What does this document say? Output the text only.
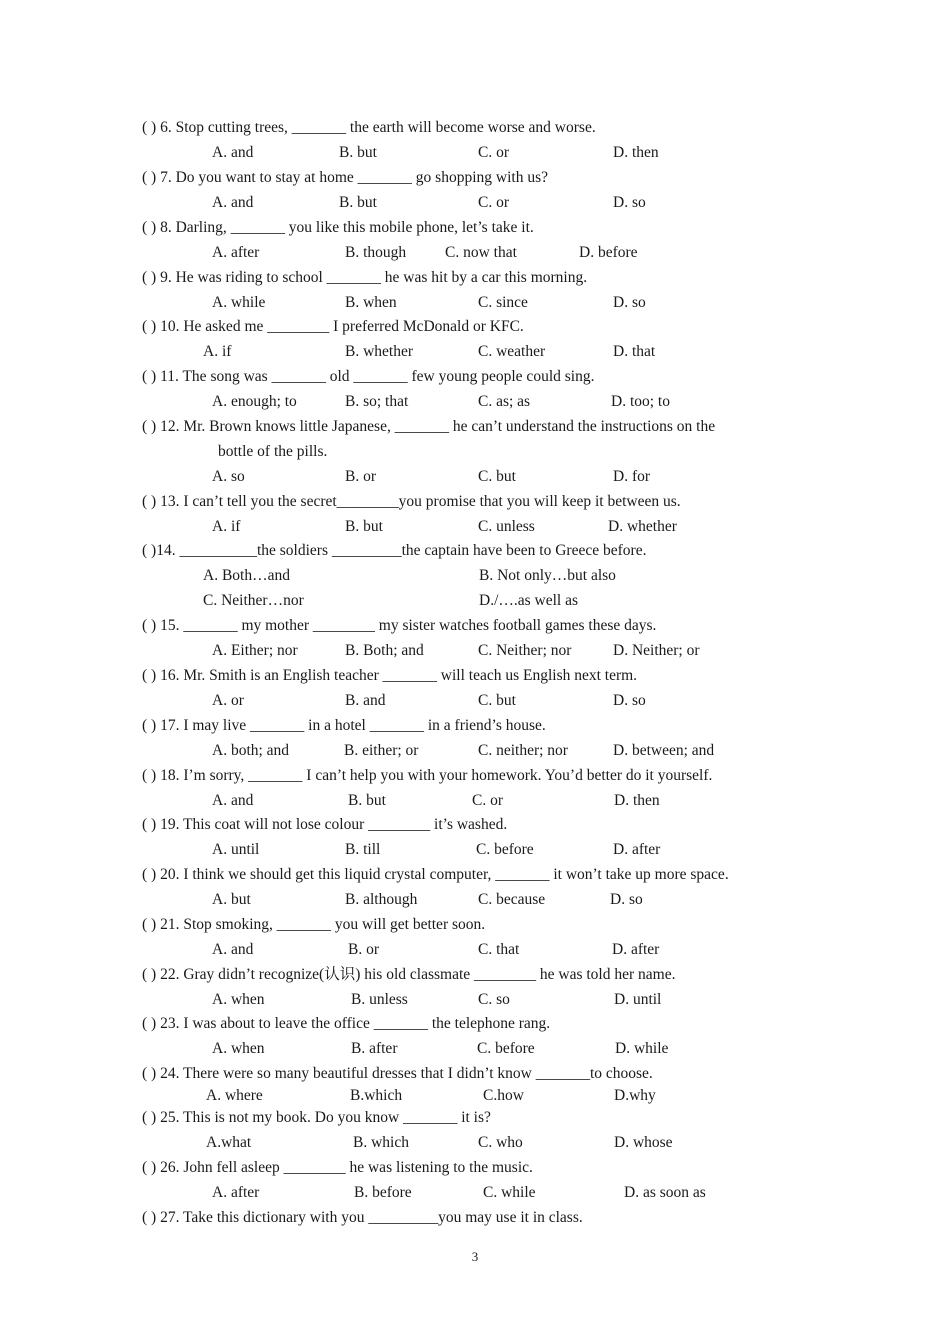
( ) 6. Stop cutting trees, _______ the earth will become worse and worse.
A. and	B. but	C. or	D. then
( ) 7. Do you want to stay at home _______ go shopping with us?
A. and	B. but	C. or	D. so
( ) 8. Darling, _______ you like this mobile phone, let’s take it.
A. after	B. though	C. now that	D. before
( ) 9. He was riding to school _______ he was hit by a car this morning.
A. while	B. when	C. since	D. so
( ) 10. He asked me ________ I preferred McDonald or KFC.
A. if	B. whether	C. weather	D. that
( ) 11. The song was _______ old _______ few young people could sing.
A. enough; to	B. so; that	C. as; as	D. too; to
( ) 12. Mr. Brown knows little Japanese, _______ he can’t understand the instructions on the
bottle of the pills.
A. so	B. or	C. but	D. for
( ) 13. I can’t tell you the secret________you promise that you will keep it between us.
A. if	B. but	C. unless	D. whether
( )14. __________the soldiers _________the captain have been to Greece before.
A. Both…and	B. Not only…but also
C. Neither…nor	D./….as well as
( ) 15. _______ my mother ________ my sister watches football games these days.
A. Either; nor	B. Both; and	C. Neither; nor	D. Neither; or
( ) 16. Mr. Smith is an English teacher _______ will teach us English next term.
A. or	B. and	C. but	D. so
( ) 17. I may live _______ in a hotel _______ in a friend’s house.
A. both; and	B. either; or	C. neither; nor	D. between; and
( ) 18. I’m sorry, _______ I can’t help you with your homework. You’d better do it yourself.
A. and	B. but	C. or	D. then
( ) 19. This coat will not lose colour ________ it’s washed.
A. until	B. till	C. before	D. after
( ) 20. I think we should get this liquid crystal computer, _______ it won’t take up more space.
A. but	B. although	C. because	D. so
( ) 21. Stop smoking, _______ you will get better soon.
A. and	B. or	C. that	D. after
( ) 22. Gray didn’t recognize(认识) his old classmate ________ he was told her name.
A. when	B. unless	C. so	D. until
( ) 23. I was about to leave the office _______ the telephone rang.
A. when	B. after	C. before	D. while
( ) 24. There were so many beautiful dresses that I didn’t know _______to choose.
A. where	B.which	C.how	D.why
( ) 25. This is not my book. Do you know _______ it is?
A.what	B. which	C. who	D. whose
( ) 26. John fell asleep ________ he was listening to the music.
A. after	B. before	C. while	D. as soon as
( ) 27. Take this dictionary with you _________you may use it in class.
3
